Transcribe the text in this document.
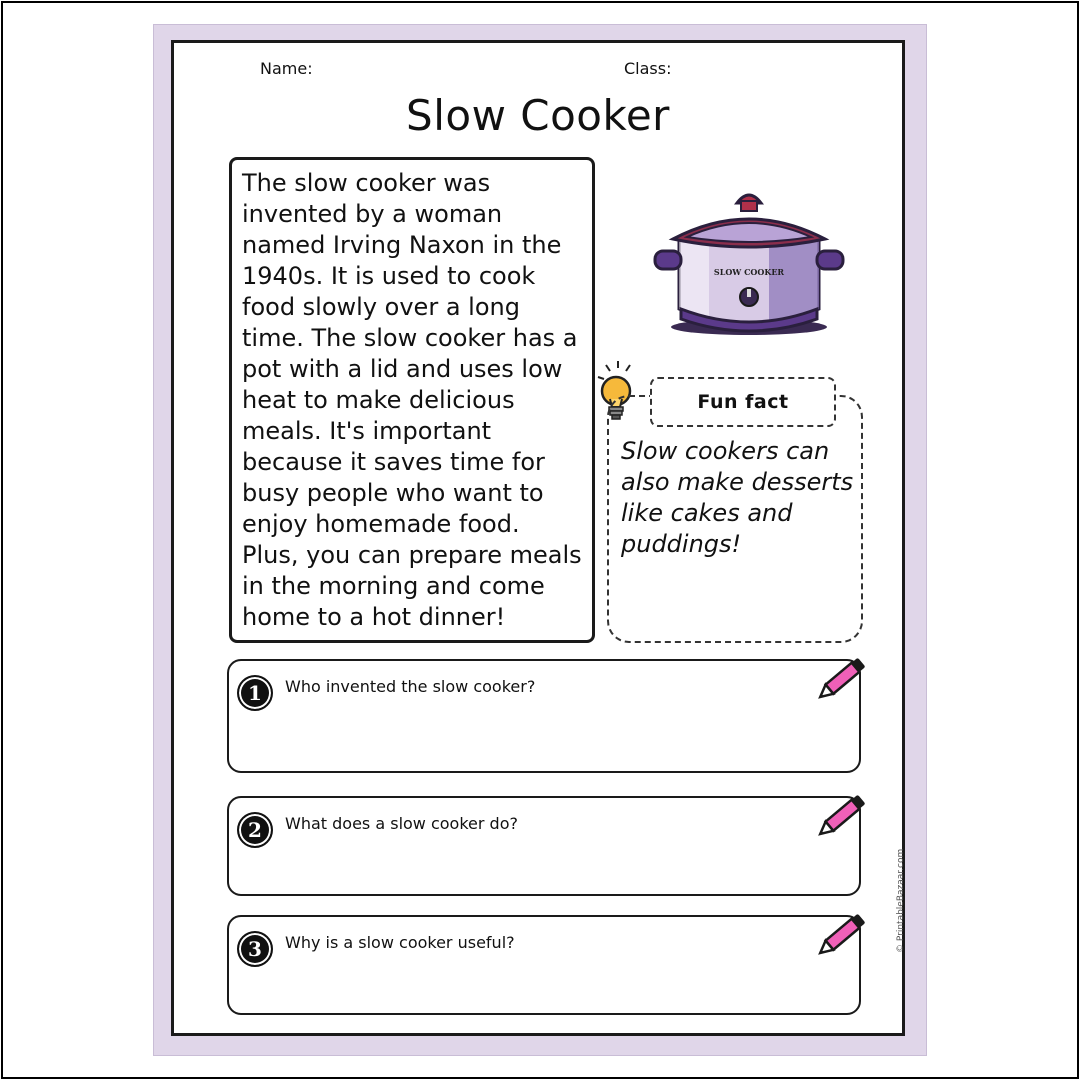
Name:	Class:
Slow Cooker

The slow cooker was invented by a woman named Irving Naxon in the 1940s. It is used to cook food slowly over a long time. The slow cooker has a pot with a lid and uses low heat to make delicious meals. It's important because it saves time for busy people who want to enjoy homemade food. Plus, you can prepare meals in the morning and come home to a hot dinner!

SLOW COOKER
Fun fact
Slow cookers can also make desserts like cakes and puddings!
1	Who invented the slow cooker?
2	What does a slow cooker do?
3	Why is a slow cooker useful?	© PrintableBazaar.com
